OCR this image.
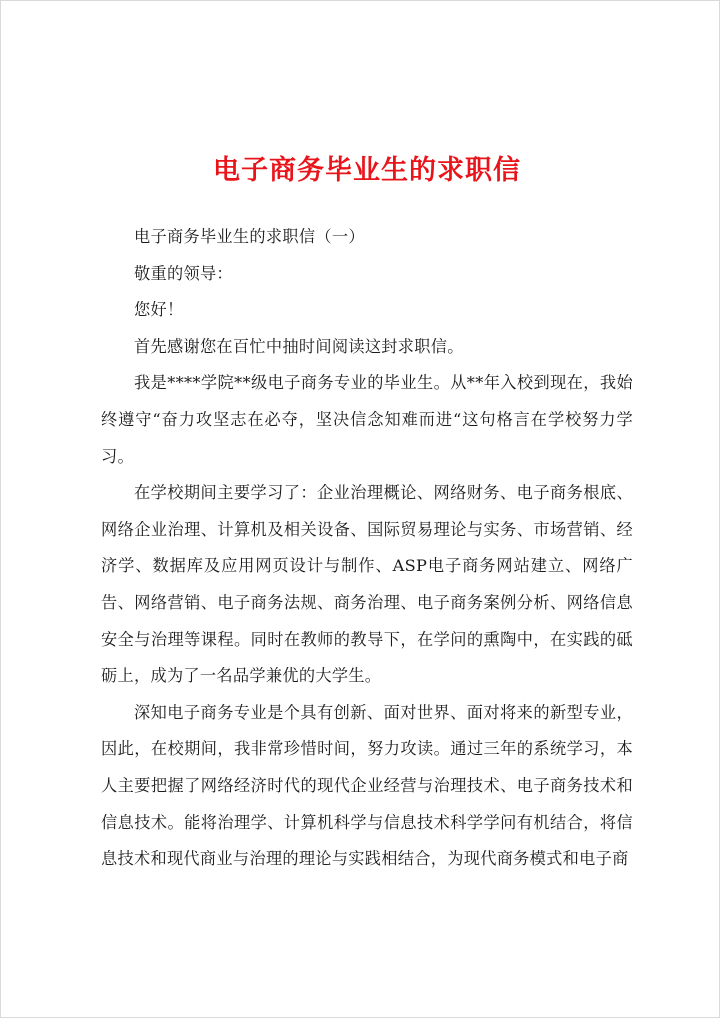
电子商务毕业生的求职信

电子商务毕业生的求职信（一）

敬重的领导：

您好！

首先感谢您在百忙中抽时间阅读这封求职信。

我是****学院**级电子商务专业的毕业生。从**年入校到现在，我始终遵守“奋力攻坚志在必夺，坚决信念知难而进“这句格言在学校努力学习。

在学校期间主要学习了：企业治理概论、网络财务、电子商务根底、网络企业治理、计算机及相关设备、国际贸易理论与实务、市场营销、经济学、数据库及应用网页设计与制作、ASP电子商务网站建立、网络广告、网络营销、电子商务法规、商务治理、电子商务案例分析、网络信息安全与治理等课程。同时在教师的教导下，在学问的熏陶中，在实践的砥砺上，成为了一名品学兼优的大学生。

深知电子商务专业是个具有创新、面对世界、面对将来的新型专业，因此，在校期间，我非常珍惜时间，努力攻读。通过三年的系统学习，本人主要把握了网络经济时代的现代企业经营与治理技术、电子商务技术和信息技术。能将治理学、计算机科学与信息技术科学学问有机结合，将信息技术和现代商业与治理的理论与实践相结合，为现代商务模式和电子商
